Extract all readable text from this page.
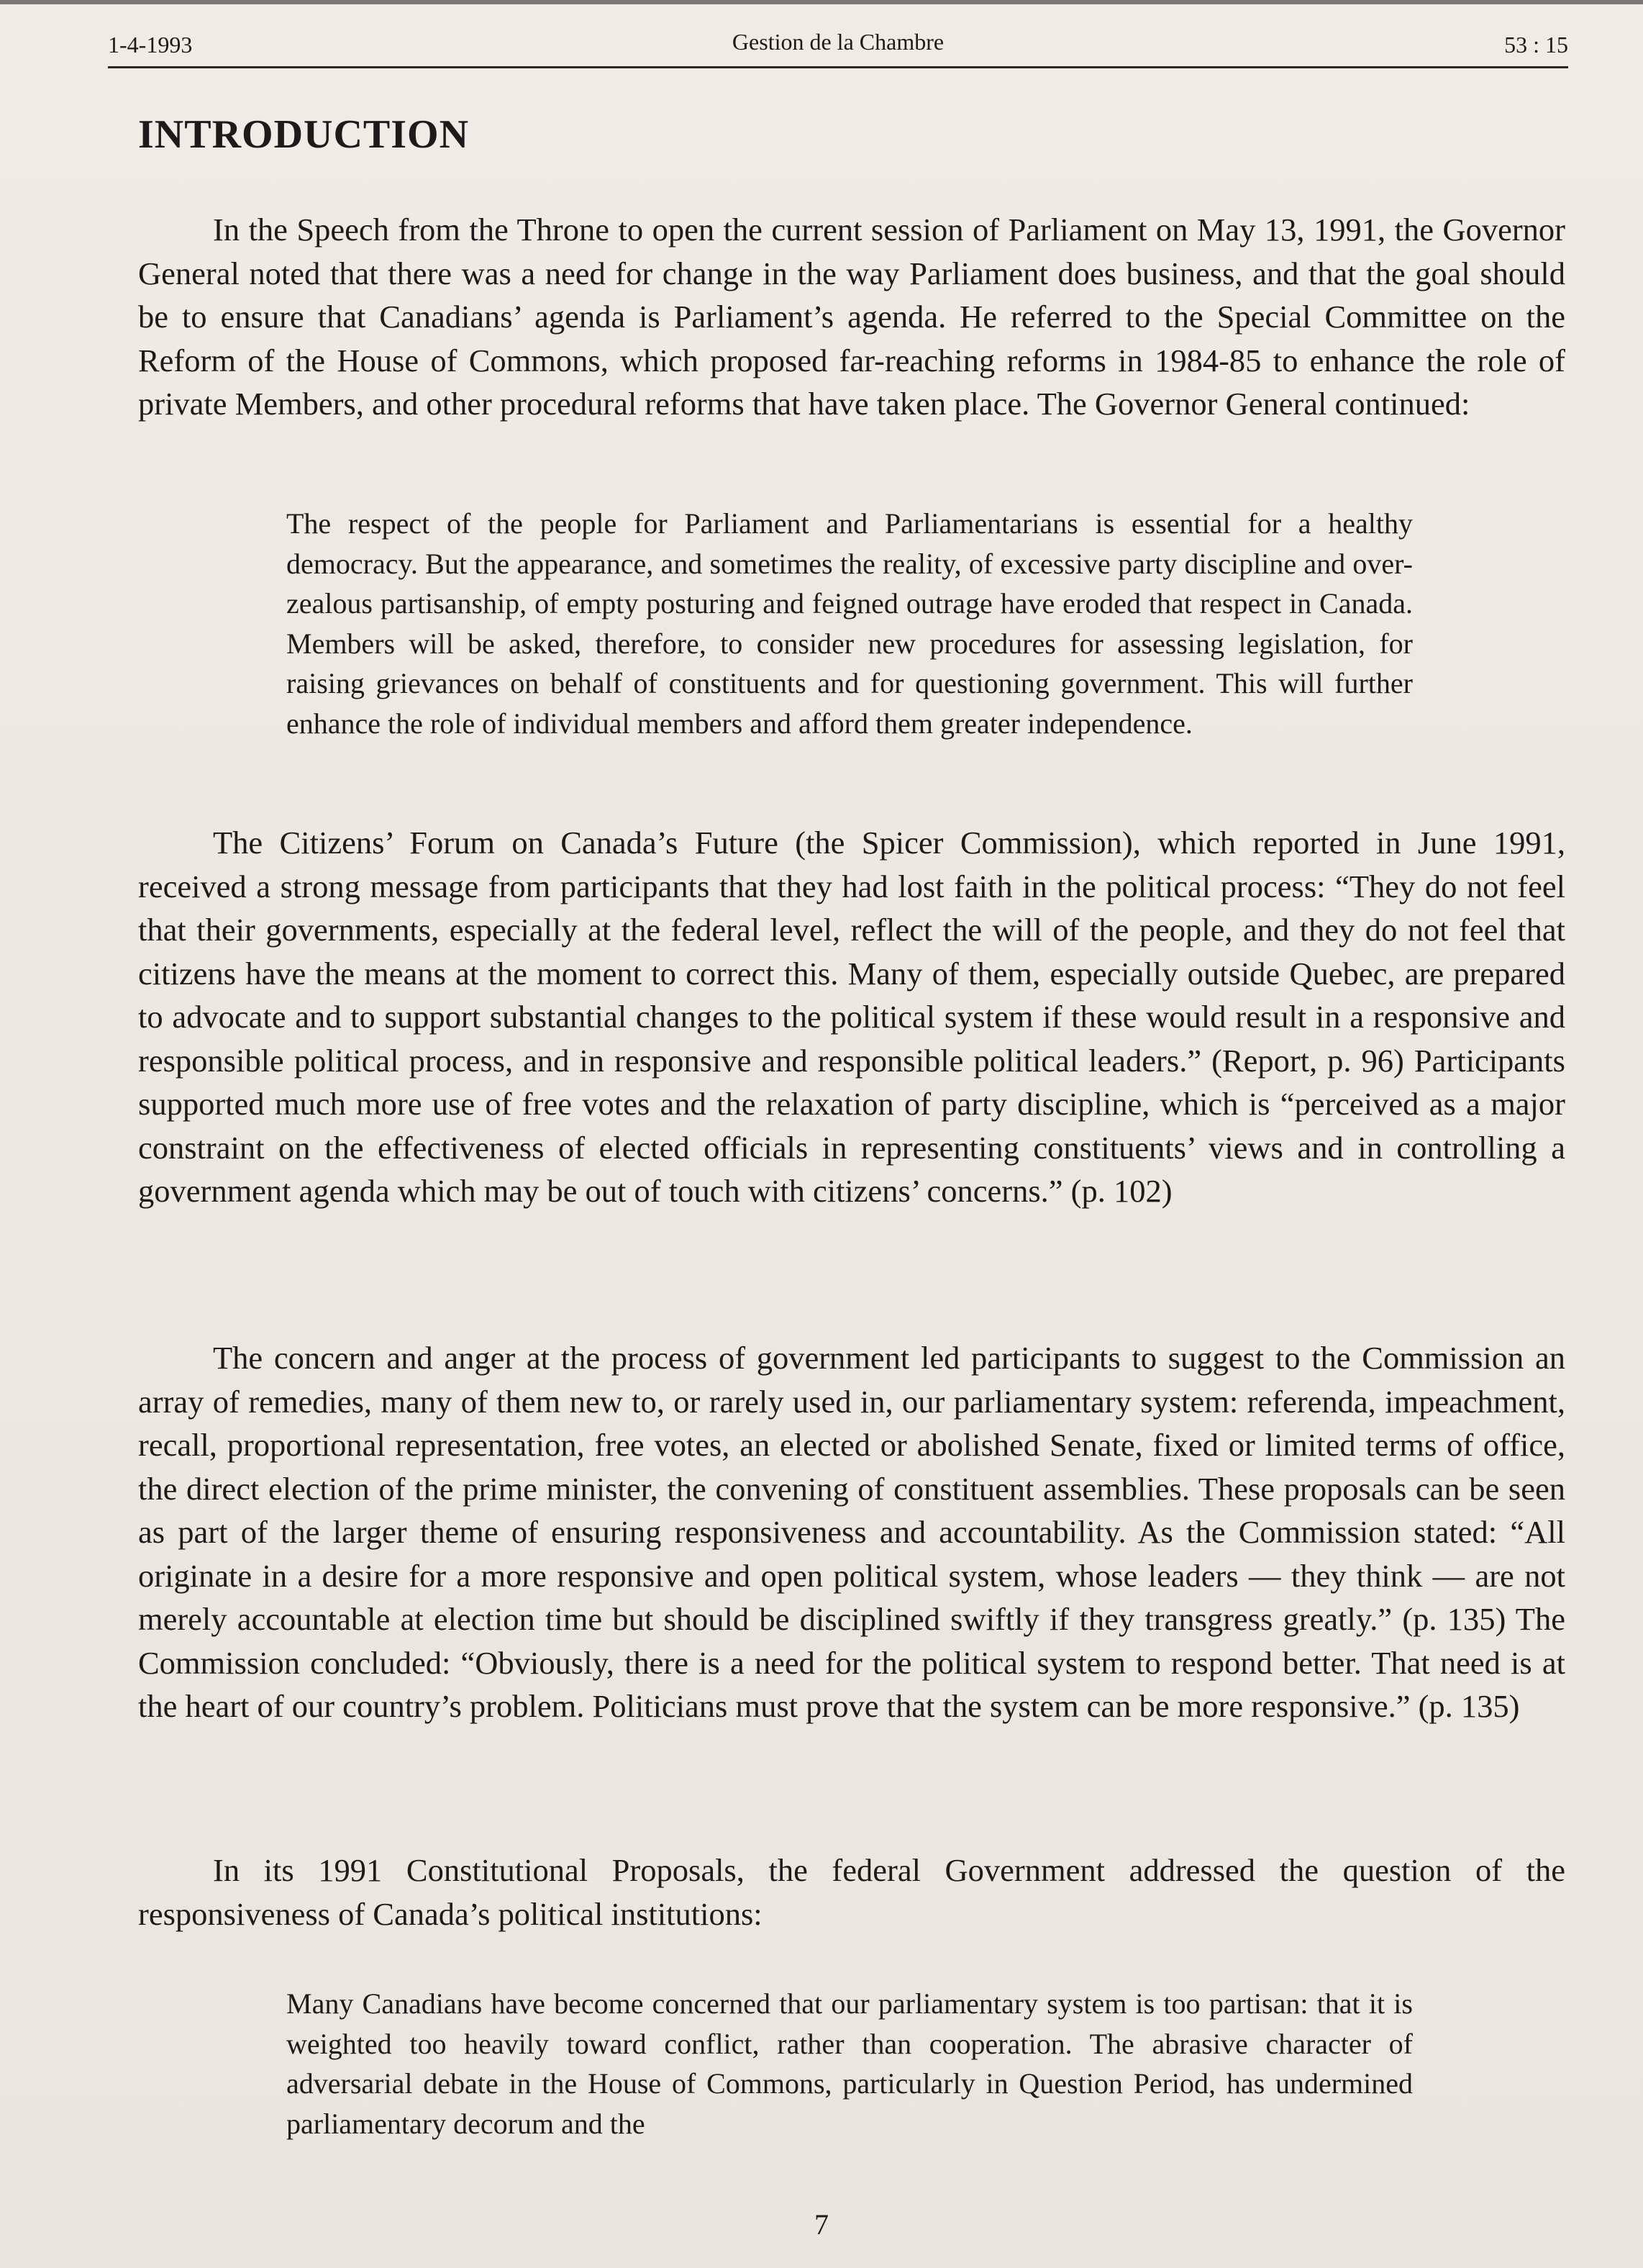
1-4-1993	Gestion de la Chambre	53 : 15
INTRODUCTION

In the Speech from the Throne to open the current session of Parliament on May 13, 1991, the Governor General noted that there was a need for change in the way Parliament does business, and that the goal should be to ensure that Canadians’ agenda is Parliament’s agenda. He referred to the Special Committee on the Reform of the House of Commons, which proposed far-reaching reforms in 1984-85 to enhance the role of private Members, and other procedural reforms that have taken place. The Governor General continued:

The respect of the people for Parliament and Parliamentarians is essential for a healthy democracy. But the appearance, and sometimes the reality, of excessive party discipline and over-zealous partisanship, of empty posturing and feigned outrage have eroded that respect in Canada. Members will be asked, therefore, to consider new procedures for assessing legislation, for raising grievances on behalf of constituents and for questioning government. This will further enhance the role of individual members and afford them greater independence.

The Citizens’ Forum on Canada’s Future (the Spicer Commission), which reported in June 1991, received a strong message from participants that they had lost faith in the political process: “They do not feel that their governments, especially at the federal level, reflect the will of the people, and they do not feel that citizens have the means at the moment to correct this. Many of them, especially outside Quebec, are prepared to advocate and to support substantial changes to the political system if these would result in a responsive and responsible political process, and in responsive and responsible political leaders.” (Report, p. 96) Participants supported much more use of free votes and the relaxation of party discipline, which is “perceived as a major constraint on the effectiveness of elected officials in representing constituents’ views and in controlling a government agenda which may be out of touch with citizens’ concerns.” (p. 102)

The concern and anger at the process of government led participants to suggest to the Commission an array of remedies, many of them new to, or rarely used in, our parliamentary system: referenda, impeachment, recall, proportional representation, free votes, an elected or abolished Senate, fixed or limited terms of office, the direct election of the prime minister, the convening of constituent assemblies. These proposals can be seen as part of the larger theme of ensuring responsiveness and accountability. As the Commission stated: “All originate in a desire for a more responsive and open political system, whose leaders — they think — are not merely accountable at election time but should be disciplined swiftly if they transgress greatly.” (p. 135) The Commission concluded: “Obviously, there is a need for the political system to respond better. That need is at the heart of our country’s problem. Politicians must prove that the system can be more responsive.” (p. 135)

In its 1991 Constitutional Proposals, the federal Government addressed the question of the responsiveness of Canada’s political institutions:

Many Canadians have become concerned that our parliamentary system is too partisan: that it is weighted too heavily toward conflict, rather than cooperation. The abrasive character of adversarial debate in the House of Commons, particularly in Question Period, has undermined parliamentary decorum and the

7
